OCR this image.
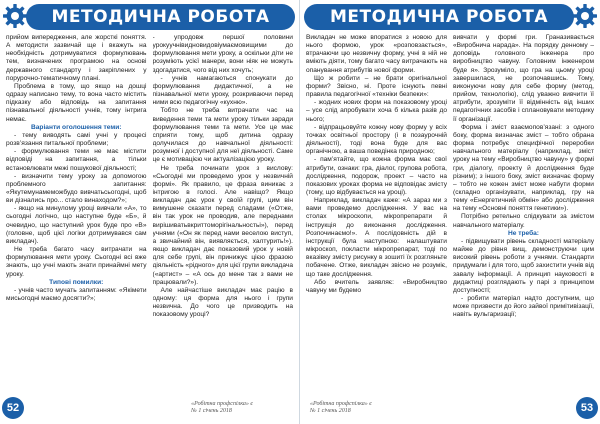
МЕТОДИЧНА РОБОТА

прийом випередження, але жорсткі поняття. А методисти зазвичай ще і вкажуть на необхідність дотримуватися формулювань тем, визначених програмою на основі державного стандарту і закріплених у порурочно-тематичному плані.

Проблема в тому, що якщо на дошці одразу написано тему, то вона часто містить підказку або відповідь на запитання пізнавальної діяльності учнів, тому інтрига немає.

Варіанти оголошення теми:

- тему виводять самі учні у процесі розв’язання питальної проблеми;

- формулювання теми не має містити відповіді на запитання, а тільки встановлювати межі пошукової діяльності;

- визначити тему уроку за допомогою проблемного запитання: «Якутемунамеможбудо вивчатьсьогодні, щоб ви дізнались про... стало винаходом?»;

- якщо на минулому уроці вивчали «А», то сьогодні логічно, що наступне буде «Б», й очевидно, що наступний урок буде про «В» (головне, щоб цієї логіки дотримувався сам викладач).

Не треба багато часу витрачати на формулювання мети уроку. Сьогодні всі вже знають, що учні мають знати принаймні мету уроку.

Типові помилки:

- учнів часто мучать запитанням: «Якімети мисьогодні маємо досягти?»;

- упродовж першої половини урокуучнівидновидовіумаємовищими до формулювання мети уроку, а оскільки діти не розуміють усієї манери, вони ніяк не можуть здогадатися, чого від них хочуть;

- учнів намагаються спонукати до формулювання дидактичної, а не пізнавальної мети уроку, розкриваючи перед ними всю педагогічну «кухню».

Тобто не треба витрачати час на виведення теми та мети уроку тільки заради формулювання теми та мети. Усе це має сприяти тому, щоб дитина одразу долучилася до навчальної діяльності: розумної і доступної для неї діяльності. Саме це є мотивацією чи актуалізацією уроку.

Не треба починати урок з вислову: «Сьогодні ми проведемо урок у незвичній формі». Як правило, це фраза виникає з інтригою в голосі. Але навіщо? Якщо викладач дає урок у своїй групі, цим він вимушене сказати перед сладами («Отже, він так урок не проводив, але переднами вирішиватьвкриттоморігінальностьі»), перед учнями («Он як перед нами веселою виступ, а звичайний він, виявляється, халтурить!»). якщо викладач дає показовий урок у новій для себе групі, він принижує цією фразою діяльність «рідного» для цієї групи викладача («артист» – «А ось до мене так з вами не працювали?»).

Але найчастіше викладач має рацію в одному: ця форма для нього і групи незвична. До чого це призводить на показовому уроці?

52	«Робітна профспілка» є
№ 1 січень 2018
МЕТОДИЧНА РОБОТА

Викладач не може впоратися з новою для нього формою, урок «розповзається», втрачаючи цю незвичну форму, учні в ній не вміють діяти, тому багато часу витрачають на опанування атрибутів нової форми.

Що ж робити – не брати оригінальної форми? Звісно, ні. Проте існують певні правила педагогічної «техніки безпеки»:

- жодних нових форм на показовому уроці – усе слід апробувати хоча б кілька разів до нього;

- відпрацьовуйте кожну нову форму у всіх точках освітньої простору (і в позаурочній діяльності), тоді вона буде для вас органічною, а ваша поведінка природною;

- пам’ятайте, що кожна форма має свої атрибути, ознаки: гра, діалог, групова робота, дослідження, подорож, проект – часто на показових уроках форма не відповідає змісту (тому, що відбувається на уроці).

Наприклад, викладач каже: «А зараз ми з вами проведемо дослідження. У вас на столах мікроскопи, мікропрепарати й інструкція до виконання дослідження. Розпочинаємо!». А послідовність дій в інструкції була наступною: налаштувати мікроскоп, покласти мікропрепарат, тоді по вказівку змісту рисунку в зошиті їх розгляньте побачене. Отже, викладач звісно не розуміє, що таке дослідження.

Або вчитель заявляє: «Виробництво чавуну ми будемо

вивчати у формі гри. Граназивається «Виробнича нарада». На порядку денному – доповідь головного інженера про виробництво чавуну. Головним інженером буде я». Зрозуміло, що гра на цьому уроці завершилася, не розпочавшись. Тому, виконуючи нову для себе форму (метод, прийом, технологію), слід уважно вивчити її атрибути, зрозуміти її відмінність від інших педагогічних засобів і сплановувати методику її організації.

Форма і зміст взаємопов’язані: з одного боку, форма визначає зміст – тобто обрана форма потребує специфічної переробки навчального матеріалу (наприклад, зміст уроку на тему «Виробництво чавуну» у формі гри, діалогу, проекту й дослідження буде різним); з іншого боку, зміст визначає форму – тобто не кожен зміст може набути форми (складно організувати, наприклад, гру на тему «Енергетичний обмін» або дослідження на тему «Основні поняття генетики»).

Потрібно ретельно слідкувати за змістом навчального матеріалу.

Не треба:

- підвищувати рівень складності матеріалу майже до рівня вищ, демонструючи цим високий рівень роботи з учнями. Стандарти придумали і для того, щоб захистити учнів від завалу інформації. А принцип науковості в дидактиці розглядають у парі з принципом доступності;

- робити матеріал надто доступним, що може призвести до його зайвої примітивізації, навіть вульгаризації;

«Робітна профспілка» є
№ 1 січень 2018	53
